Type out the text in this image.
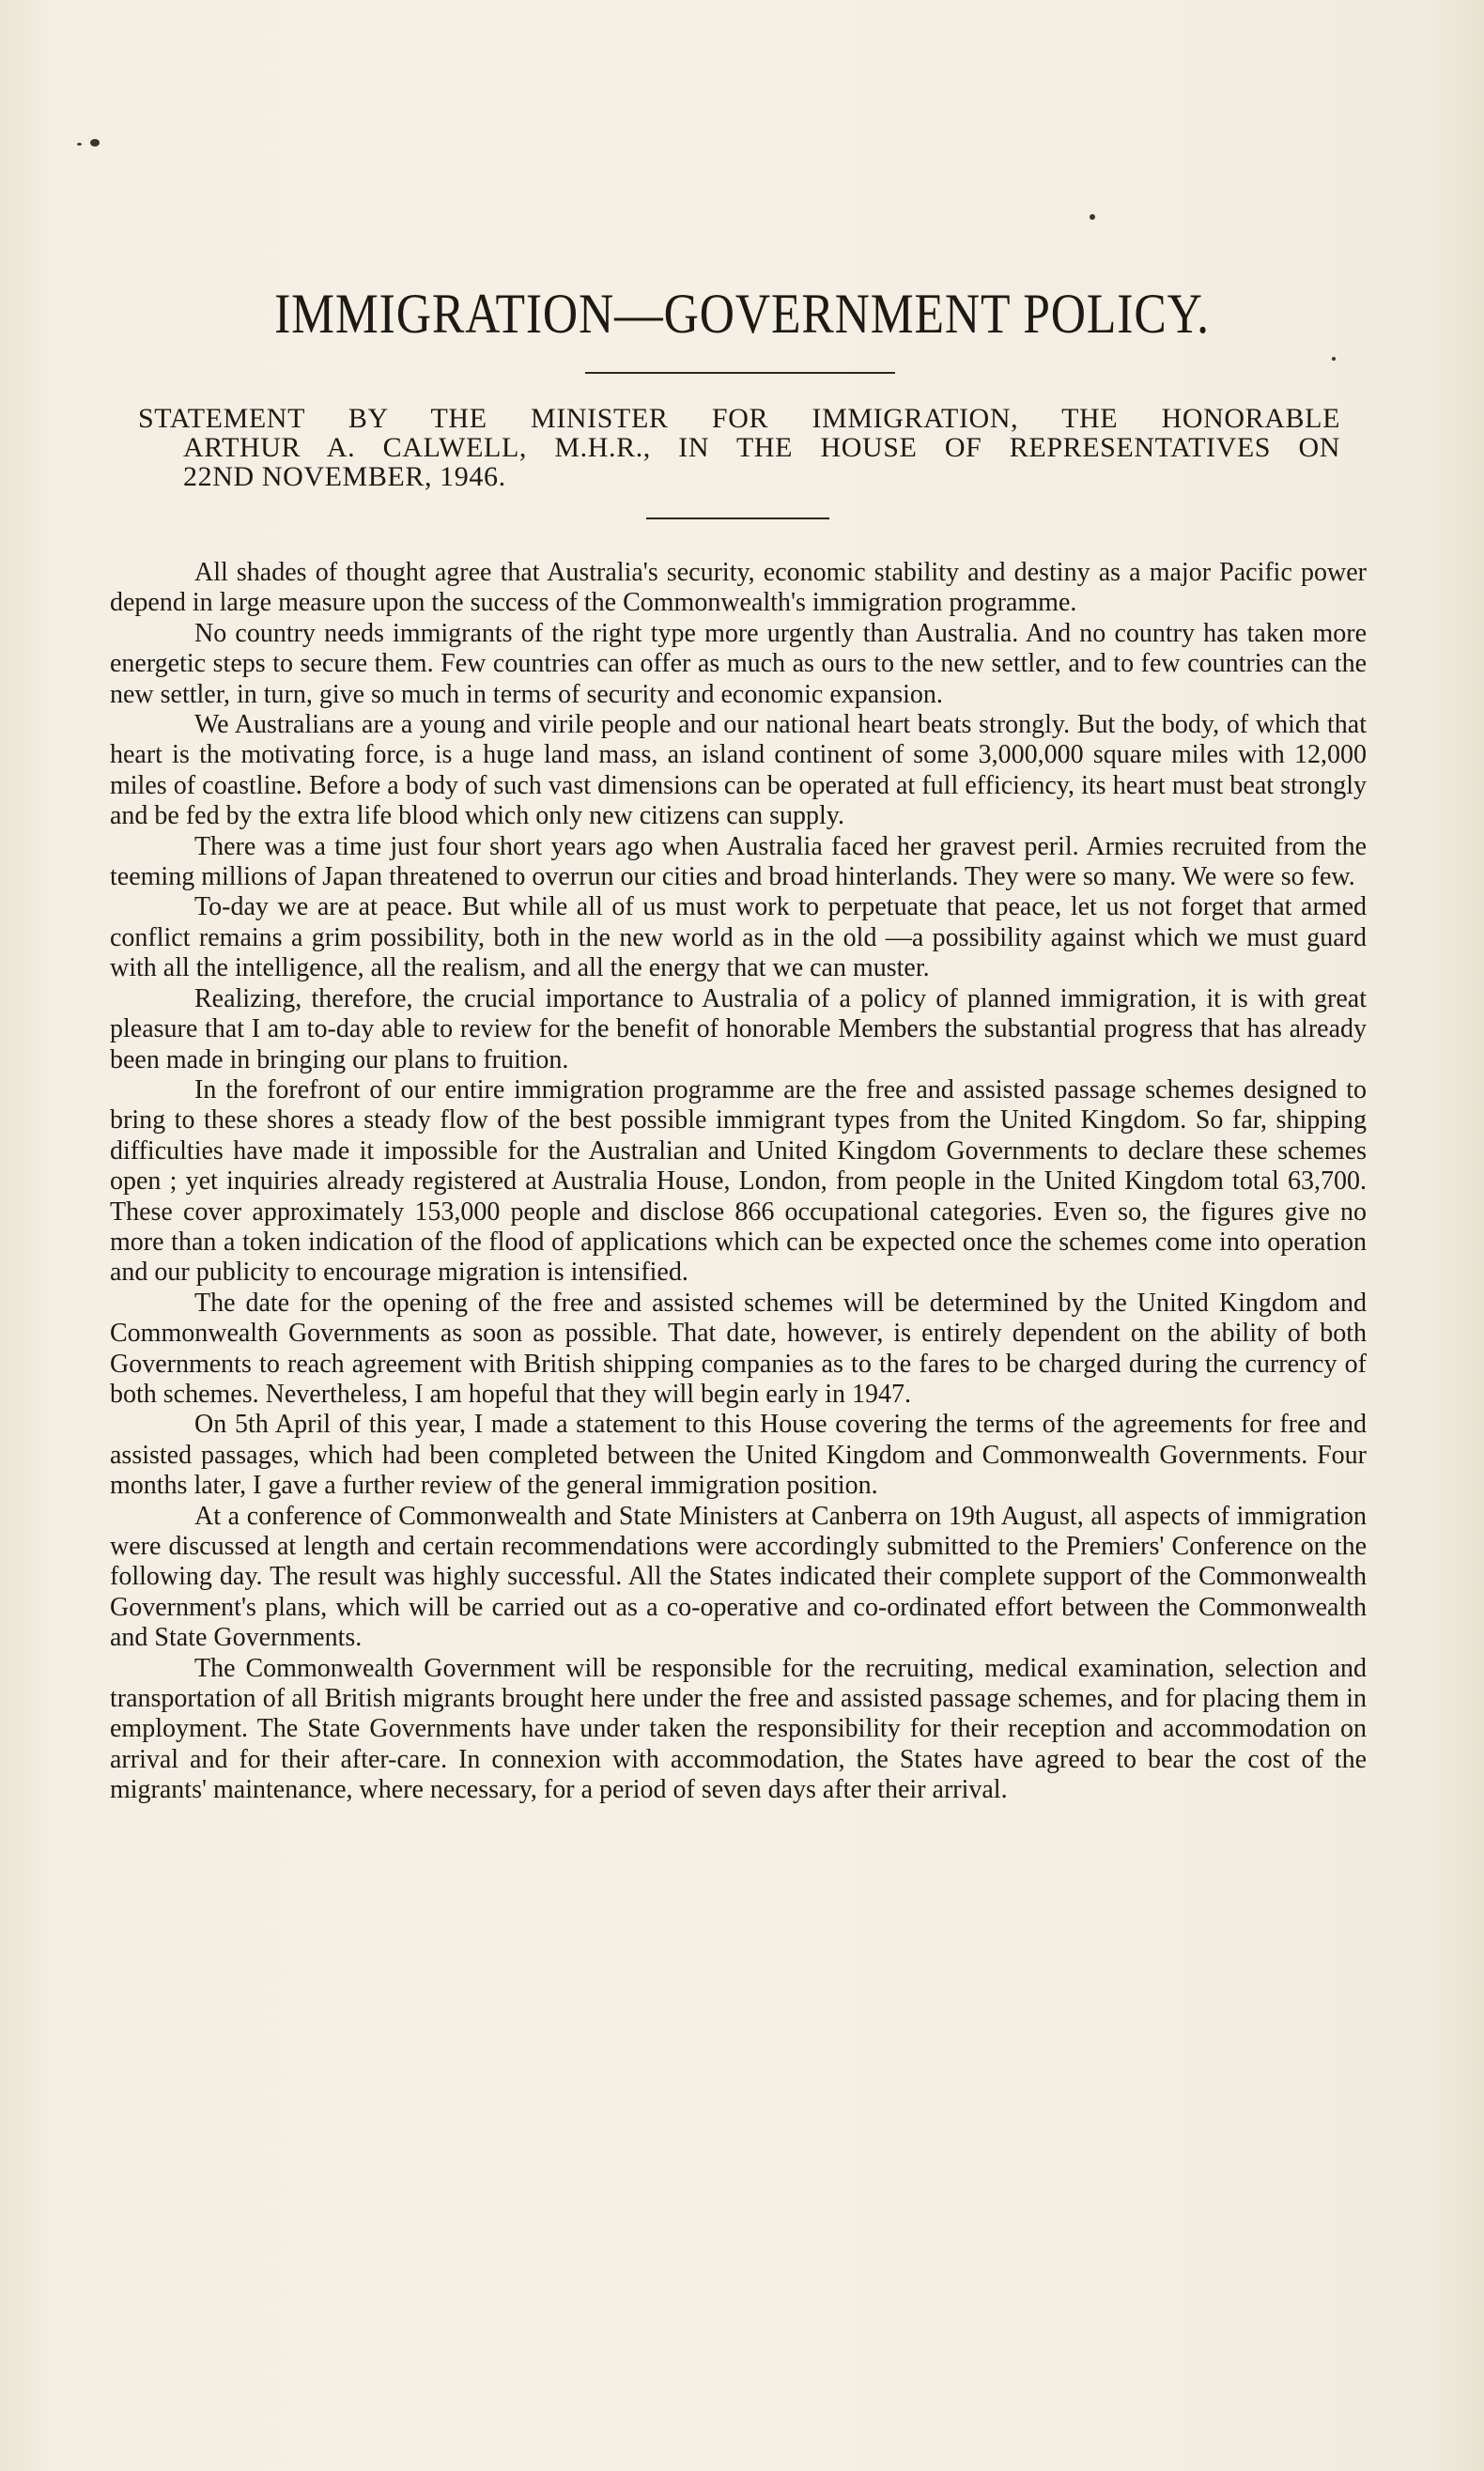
IMMIGRATION—GOVERNMENT POLICY.
STATEMENT BY THE MINISTER FOR IMMIGRATION, THE HONORABLE
ARTHUR A. CALWELL, M.H.R., IN THE HOUSE OF REPRESENTATIVES ON
22ND NOVEMBER, 1946.

All shades of thought agree that Australia's security, economic stability and destiny as a major Pacific power depend in large measure upon the success of the Commonwealth's immigration programme.

No country needs immigrants of the right type more urgently than Australia. And no country has taken more energetic steps to secure them. Few countries can offer as much as ours to the new settler, and to few countries can the new settler, in turn, give so much in terms of security and economic expansion.

We Australians are a young and virile people and our national heart beats strongly. But the body, of which that heart is the motivating force, is a huge land mass, an island continent of some 3,000,000 square miles with 12,000 miles of coastline. Before a body of such vast dimensions can be operated at full efficiency, its heart must beat strongly and be fed by the extra life blood which only new citizens can supply.

There was a time just four short years ago when Australia faced her gravest peril. Armies recruited from the teeming millions of Japan threatened to overrun our cities and broad hinterlands. They were so many. We were so few.

To-day we are at peace. But while all of us must work to perpetuate that peace, let us not forget that armed conflict remains a grim possibility, both in the new world as in the old —a possibility against which we must guard with all the intelligence, all the realism, and all the energy that we can muster.

Realizing, therefore, the crucial importance to Australia of a policy of planned immigration, it is with great pleasure that I am to-day able to review for the benefit of honorable Members the substantial progress that has already been made in bringing our plans to fruition.

In the forefront of our entire immigration programme are the free and assisted passage schemes designed to bring to these shores a steady flow of the best possible immigrant types from the United Kingdom. So far, shipping difficulties have made it impossible for the Australian and United Kingdom Governments to declare these schemes open ; yet inquiries already registered at Australia House, London, from people in the United Kingdom total 63,700. These cover approximately 153,000 people and disclose 866 occupational categories. Even so, the figures give no more than a token indication of the flood of applications which can be expected once the schemes come into operation and our publicity to encourage migration is intensified.

The date for the opening of the free and assisted schemes will be determined by the United Kingdom and Commonwealth Governments as soon as possible. That date, however, is entirely dependent on the ability of both Governments to reach agreement with British shipping companies as to the fares to be charged during the currency of both schemes. Nevertheless, I am hopeful that they will begin early in 1947.

On 5th April of this year, I made a statement to this House covering the terms of the agreements for free and assisted passages, which had been completed between the United Kingdom and Commonwealth Governments. Four months later, I gave a further review of the general immigration position.

At a conference of Commonwealth and State Ministers at Canberra on 19th August, all aspects of immigration were discussed at length and certain recommendations were accordingly submitted to the Premiers' Conference on the following day. The result was highly successful. All the States indicated their complete support of the Commonwealth Government's plans, which will be carried out as a co-operative and co-ordinated effort between the Commonwealth and State Governments.

The Commonwealth Government will be responsible for the recruiting, medical examination, selection and transportation of all British migrants brought here under the free and assisted passage schemes, and for placing them in employment. The State Governments have under taken the responsibility for their reception and accommodation on arrival and for their after-care. In connexion with accommodation, the States have agreed to bear the cost of the migrants' maintenance, where necessary, for a period of seven days after their arrival.
